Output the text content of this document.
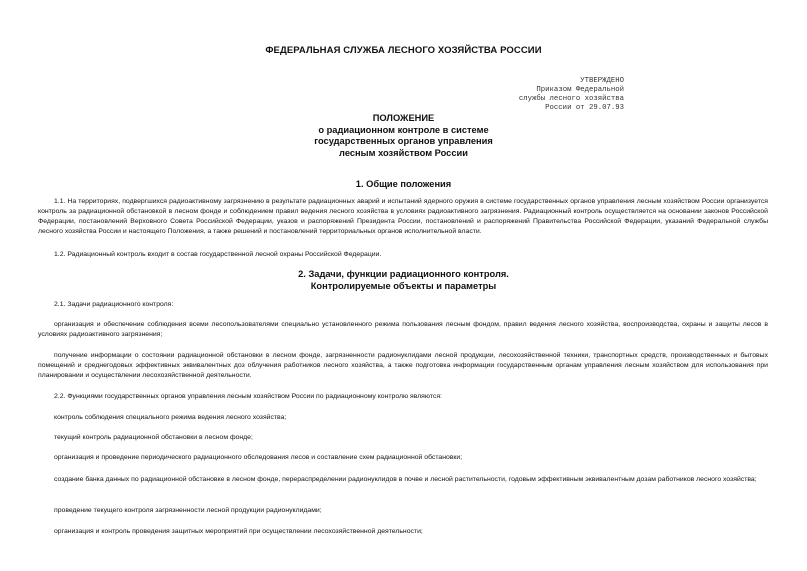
ФЕДЕРАЛЬНАЯ СЛУЖБА ЛЕСНОГО ХОЗЯЙСТВА РОССИИ
УТВЕРЖДЕНО
Приказом Федеральной
службы лесного хозяйства
России от 29.07.93
ПОЛОЖЕНИЕ
о радиационном контроле в системе
государственных органов управления
лесным хозяйством России
1. Общие положения

1.1. На территориях, подвергшихся радиоактивному загрязнению в результате радиационных аварий и испытаний ядерного оружия в системе государственных органов управления лесным хозяйством России организуется контроль за радиационной обстановкой в лесном фонде и соблюдением правил ведения лесного хозяйства в условиях радиоактивного загрязнения. Радиационный контроль осуществляется на основании законов Российской Федерации, постановлений Верховного Совета Российской Федерации, указов и распоряжений Президента России, постановлений и распоряжений Правительства Российской Федерации, указаний Федеральной службы лесного хозяйства России и настоящего Положения, а также решений и постановлений территориальных органов исполнительной власти.

1.2. Радиационный контроль входит в состав государственной лесной охраны Российской Федерации.

2. Задачи, функции радиационного контроля.
Контролируемые объекты и параметры

2.1. Задачи радиационного контроля:

организация и обеспечение соблюдения всеми лесопользователями специально установленного режима пользования лесным фондом, правил ведения лесного хозяйства, воспроизводства, охраны и защиты лесов в условиях радиоактивного загрязнения;

получение информации о состоянии радиационной обстановки в лесном фонде, загрязненности радионуклидами лесной продукции, лесохозяйственной техники, транспортных средств, производственных и бытовых помещений и среднегодовых эффективных эквивалентных доз облучения работников лесного хозяйства, а также подготовка информации государственным органам управления лесным хозяйством для использования при планировании и осуществлении лесохозяйственной деятельности.

2.2. Функциями государственных органов управления лесным хозяйством России по радиационному контролю являются:

контроль соблюдения специального режима ведения лесного хозяйства;

текущий контроль радиационной обстановки в лесном фонде;

организация и проведение периодического радиационного обследования лесов и составление схем радиационной обстановки;

создание банка данных по радиационной обстановке в лесном фонде, перераспределении радионуклидов в почве и лесной растительности, годовым эффективным эквивалентным дозам работников лесного хозяйства;

проведение текущего контроля загрязненности лесной продукции радионуклидами;

организация и контроль проведения защитных мероприятий при осуществлении лесохозяйственной деятельности;
